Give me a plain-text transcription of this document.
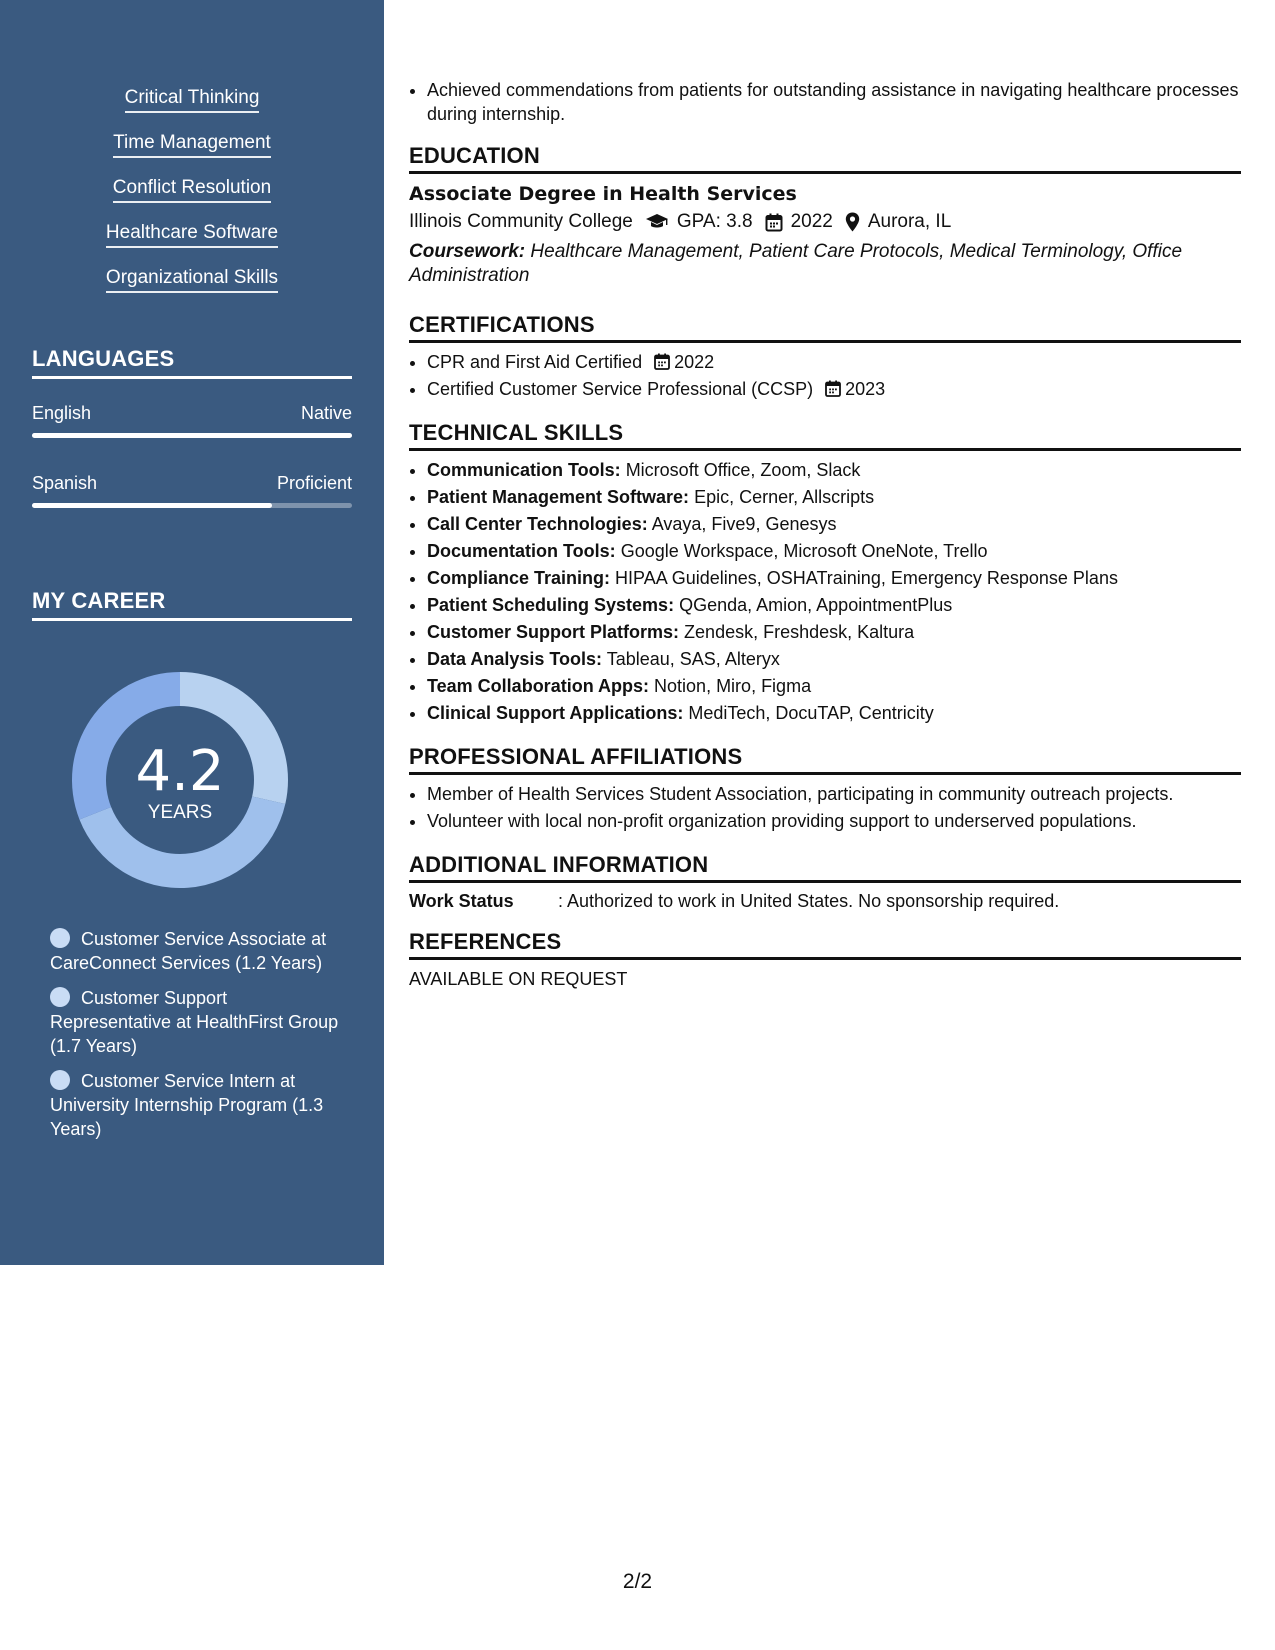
Critical Thinking
Time Management
Conflict Resolution
Healthcare Software
Organizational Skills
LANGUAGES
English	Native
Spanish	Proficient
MY CAREER
4.2
YEARS
Customer Service Associate at CareConnect Services (1.2 Years)
Customer Support Representative at HealthFirst Group (1.7 Years)
Customer Service Intern at University Internship Program (1.3 Years)
• Achieved commendations from patients for outstanding assistance in navigating healthcare processes during internship.
EDUCATION
Associate Degree in Health Services
Illinois Community College GPA: 3.8 2022 Aurora, IL
Coursework: Healthcare Management, Patient Care Protocols, Medical Terminology, Office Administration
CERTIFICATIONS
• CPR and First Aid Certified 2022
• Certified Customer Service Professional (CCSP) 2023
TECHNICAL SKILLS
• Communication Tools: Microsoft Office, Zoom, Slack
• Patient Management Software: Epic, Cerner, Allscripts
• Call Center Technologies: Avaya, Five9, Genesys
• Documentation Tools: Google Workspace, Microsoft OneNote, Trello
• Compliance Training: HIPAA Guidelines, OSHATraining, Emergency Response Plans
• Patient Scheduling Systems: QGenda, Amion, AppointmentPlus
• Customer Support Platforms: Zendesk, Freshdesk, Kaltura
• Data Analysis Tools: Tableau, SAS, Alteryx
• Team Collaboration Apps: Notion, Miro, Figma
• Clinical Support Applications: MediTech, DocuTAP, Centricity
PROFESSIONAL AFFILIATIONS
• Member of Health Services Student Association, participating in community outreach projects.
• Volunteer with local non-profit organization providing support to underserved populations.
ADDITIONAL INFORMATION
Work Status	: Authorized to work in United States. No sponsorship required.
REFERENCES
AVAILABLE ON REQUEST
2/2
